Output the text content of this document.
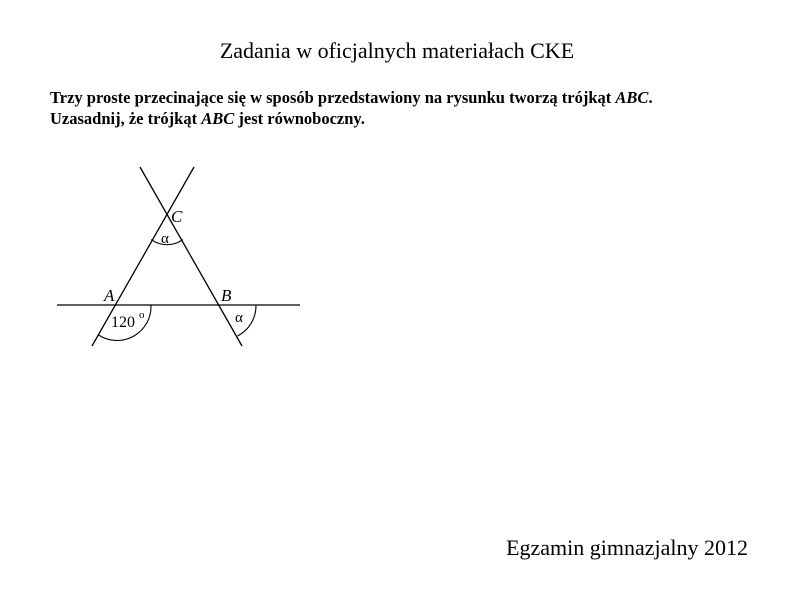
Zadania w oficjalnych materiałach CKE
Trzy proste przecinające się w sposób przedstawiony na rysunku tworzą trójkąt ABC.
Uzasadnij, że trójkąt ABC jest równoboczny.
C
α
A	B
120 o	α
Egzamin gimnazjalny 2012
